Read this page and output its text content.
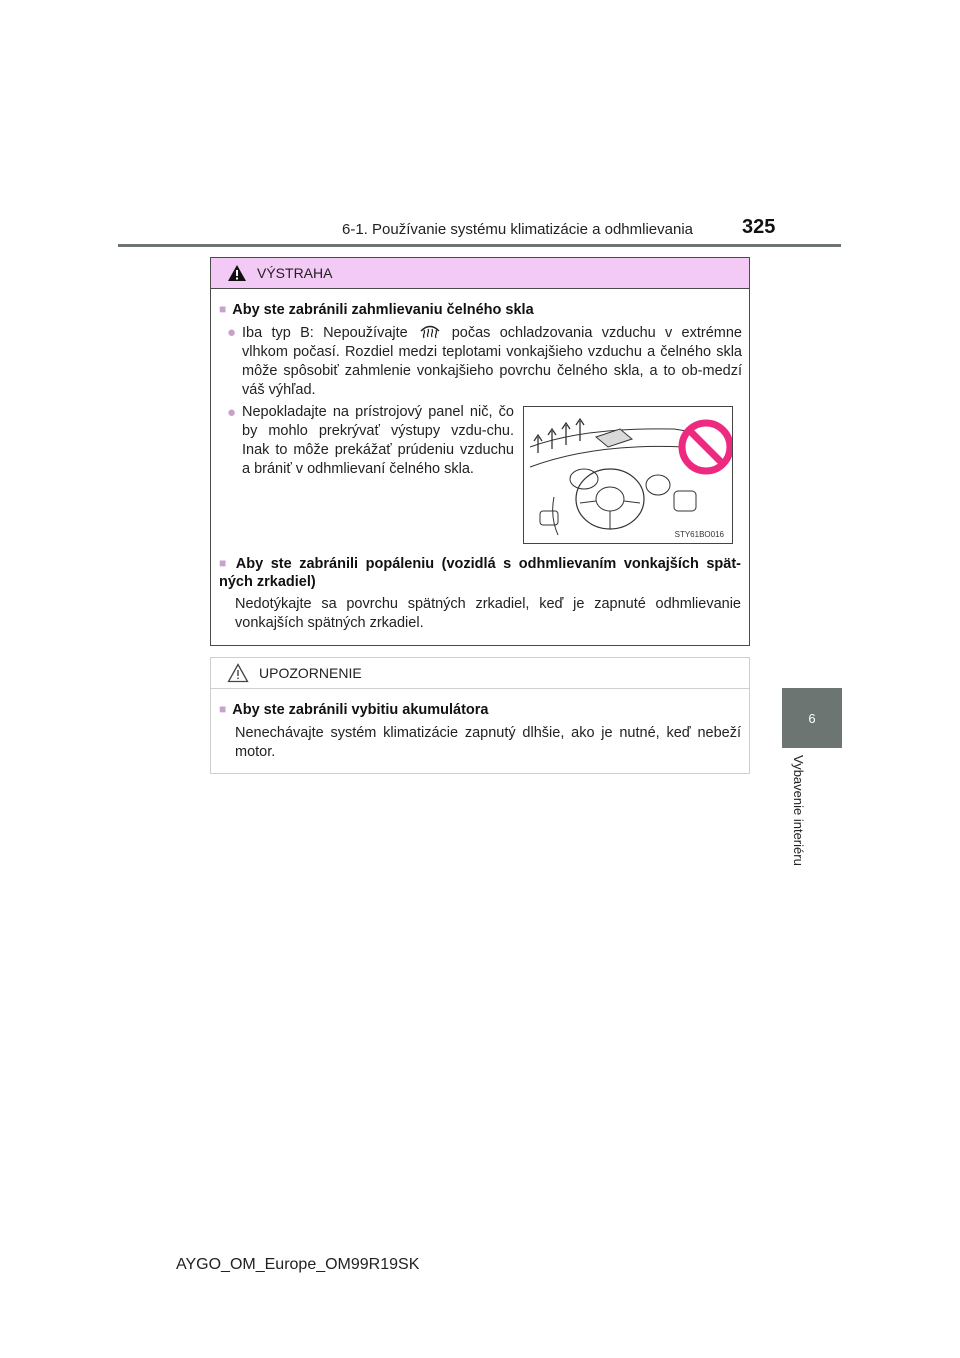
6-1. Používanie systému klimatizácie a odhmlievania 325
6
Vybavenie interiéru
VÝSTRAHA
■ Aby ste zabránili zahmlievaniu čelného skla
● Iba typ B: Nepoužívajte	počas ochladzovania vzduchu v extrémne vlhkom počasí. Rozdiel medzi teplotami vonkajšieho vzduchu a čelného skla môže spôsobiť zahmlenie vonkajšieho povrchu čelného skla, a to ob-medzí váš výhľad.
● Nepokladajte na prístrojový panel nič, čo by mohlo prekrývať výstupy vzdu-chu. Inak to môže prekážať prúdeniu vzduchu a brániť v odhmlievaní čelného skla.
STY61BO016
■ Aby ste zabránili popáleniu (vozidlá s odhmlievaním vonkajších spät-ných zrkadiel)
Nedotýkajte sa povrchu spätných zrkadiel, keď je zapnuté odhmlievanie vonkajších spätných zrkadiel.
UPOZORNENIE
■ Aby ste zabránili vybitiu akumulátora
Nenechávajte systém klimatizácie zapnutý dlhšie, ako je nutné, keď nebeží motor.
AYGO_OM_Europe_OM99R19SK
